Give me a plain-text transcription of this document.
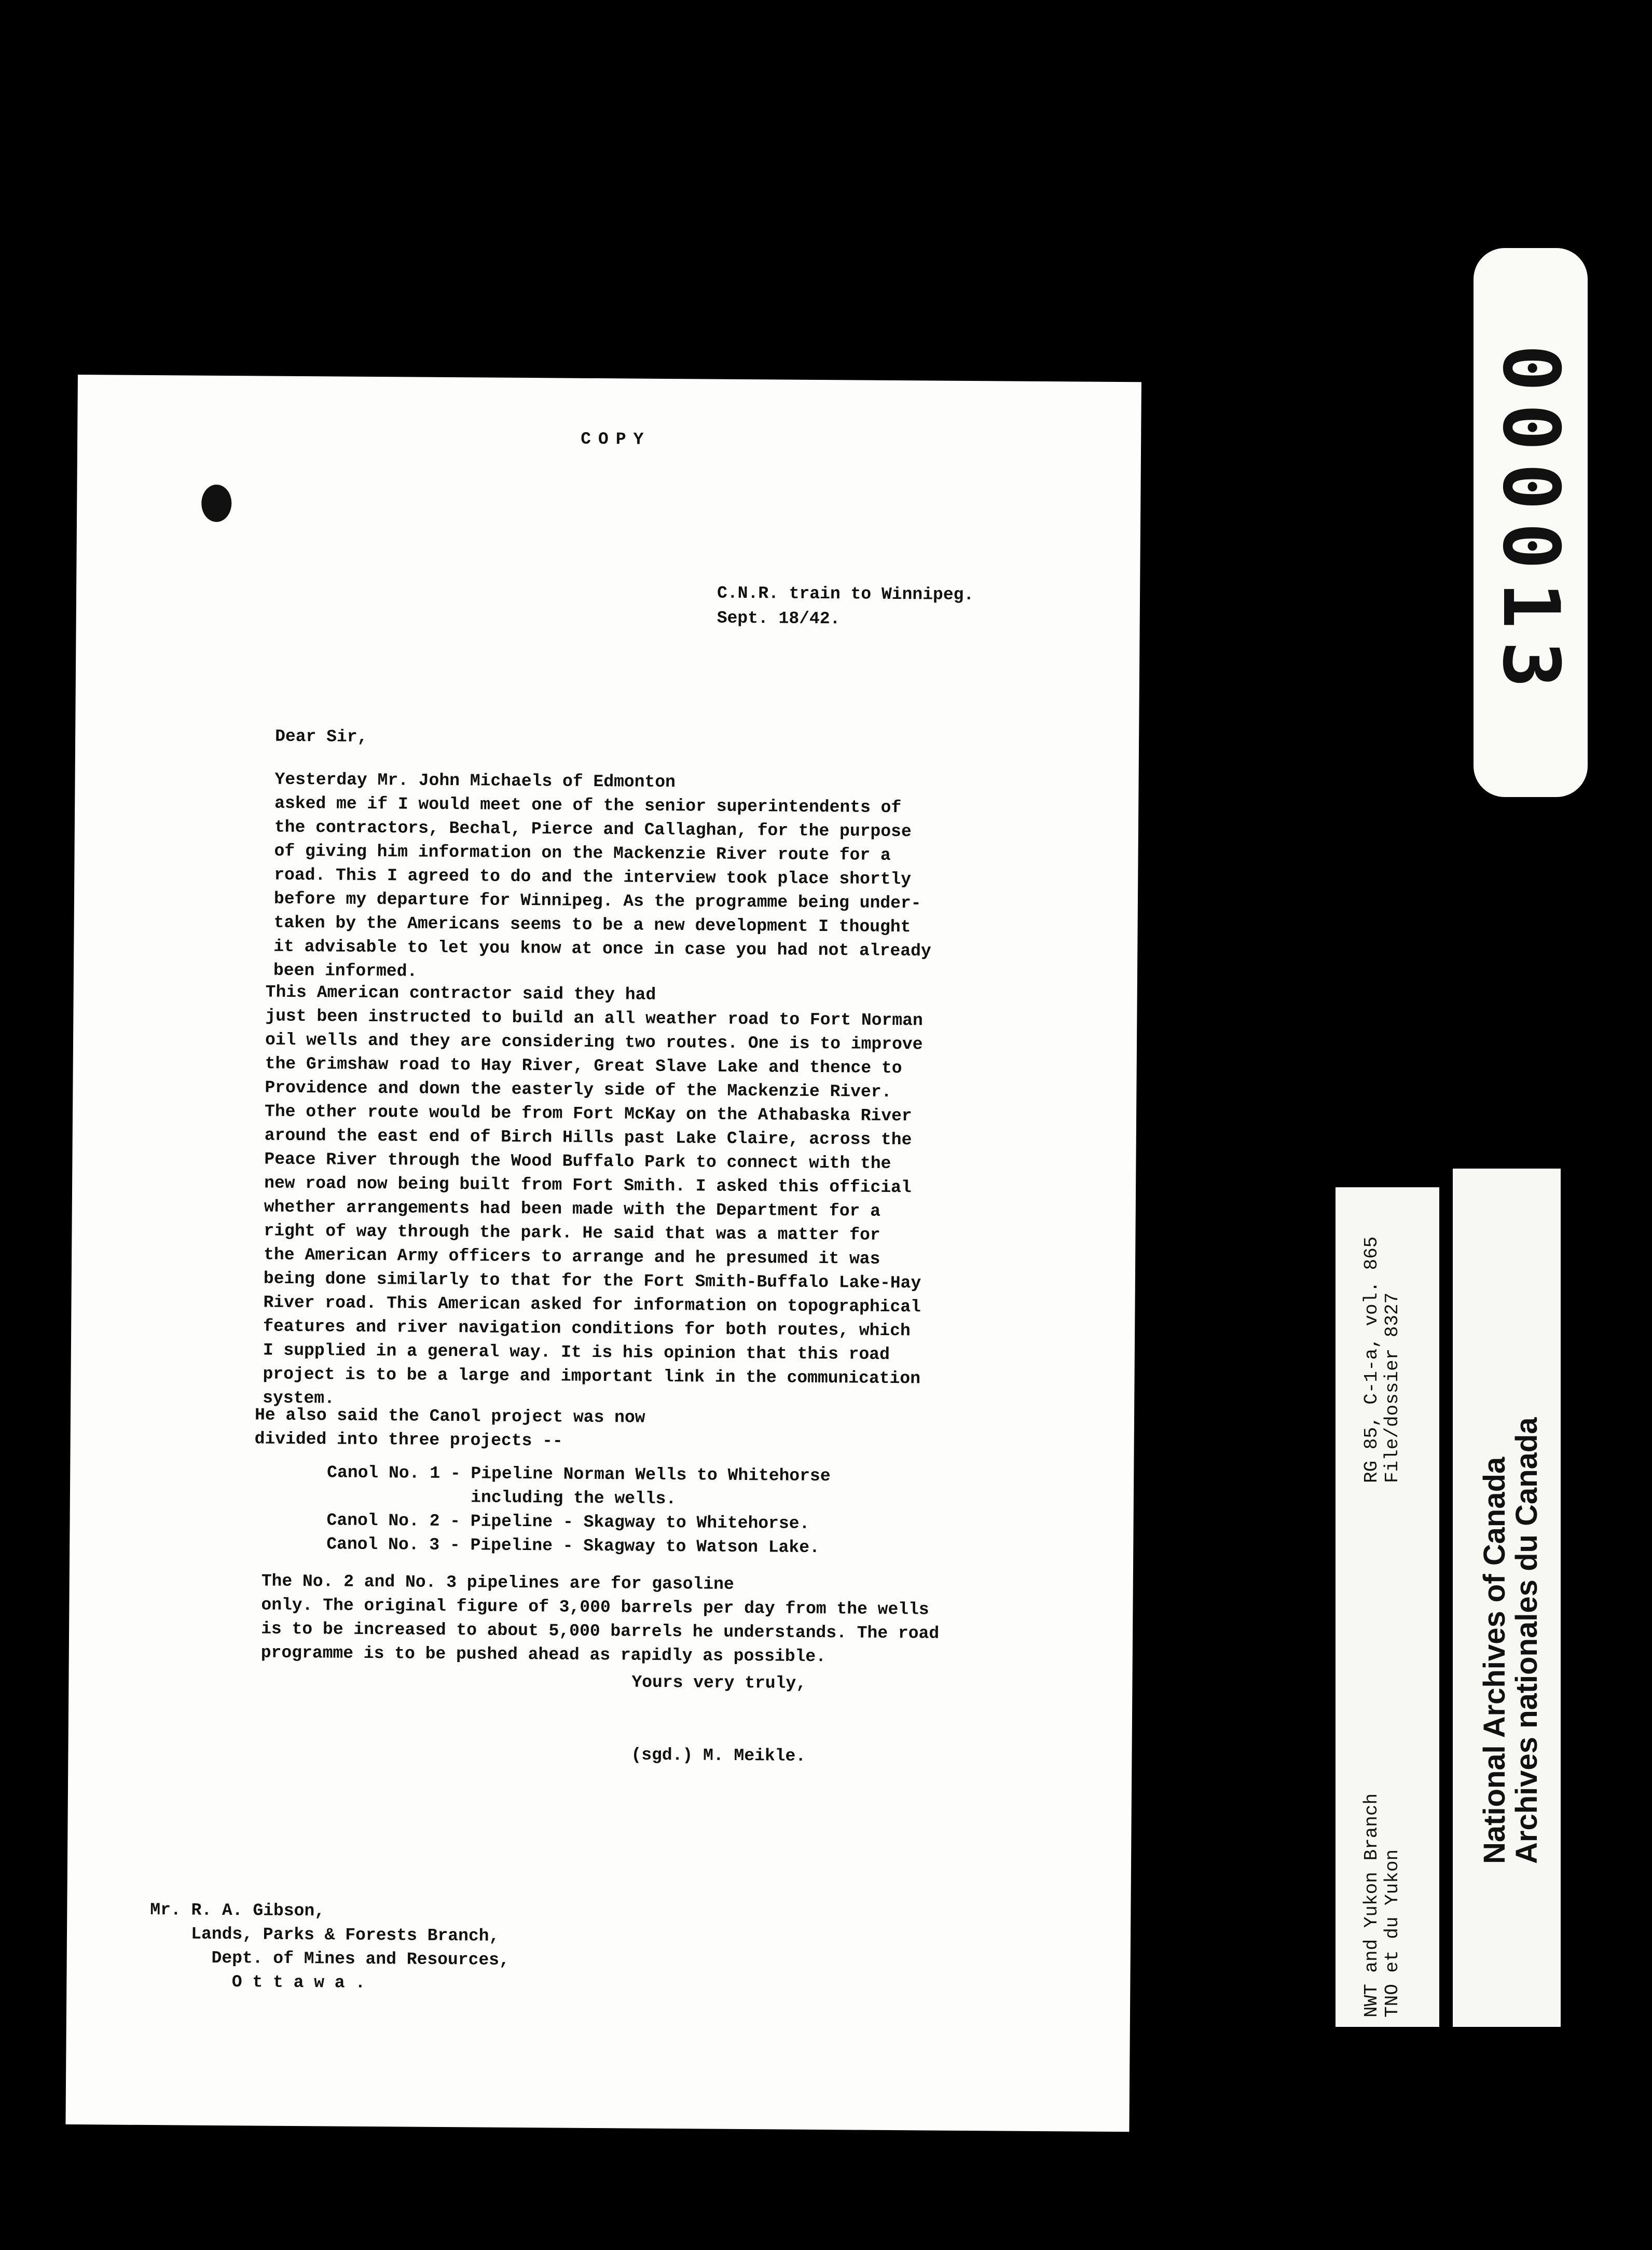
COPY
C.N.R. train to Winnipeg.
Sept. 18/42.
Dear Sir,

Yesterday Mr. John Michaels of Edmonton
asked me if I would meet one of the senior superintendents of
the contractors, Bechal, Pierce and Callaghan, for the purpose
of giving him information on the Mackenzie River route for a
road. This I agreed to do and the interview took place shortly
before my departure for Winnipeg. As the programme being under-
taken by the Americans seems to be a new development I thought
it advisable to let you know at once in case you had not already
been informed.

This American contractor said they had
just been instructed to build an all weather road to Fort Norman
oil wells and they are considering two routes. One is to improve
the Grimshaw road to Hay River, Great Slave Lake and thence to
Providence and down the easterly side of the Mackenzie River.
The other route would be from Fort McKay on the Athabaska River
around the east end of Birch Hills past Lake Claire, across the
Peace River through the Wood Buffalo Park to connect with the
new road now being built from Fort Smith. I asked this official
whether arrangements had been made with the Department for a
right of way through the park. He said that was a matter for
the American Army officers to arrange and he presumed it was
being done similarly to that for the Fort Smith-Buffalo Lake-Hay
River road. This American asked for information on topographical
features and river navigation conditions for both routes, which
I supplied in a general way. It is his opinion that this road
project is to be a large and important link in the communication
system.

He also said the Canol project was now
divided into three projects --

Canol No. 1 - Pipeline Norman Wells to Whitehorse
including the wells.
Canol No. 2 - Pipeline - Skagway to Whitehorse.
Canol No. 3 - Pipeline - Skagway to Watson Lake.

The No. 2 and No. 3 pipelines are for gasoline
only. The original figure of 3,000 barrels per day from the wells
is to be increased to about 5,000 barrels he understands. The road
programme is to be pushed ahead as rapidly as possible.

Yours very truly,
(sgd.) M. Meikle.

Mr. R. A. Gibson,
Lands, Parks & Forests Branch,
Dept. of Mines and Resources,
O t t a w a .

000013
NWT and Yukon Branch TNO et du Yukon
RG 85, C-1-a, vol. 865 File/dossier 8327
National Archives of Canada
Archives nationales du Canada
